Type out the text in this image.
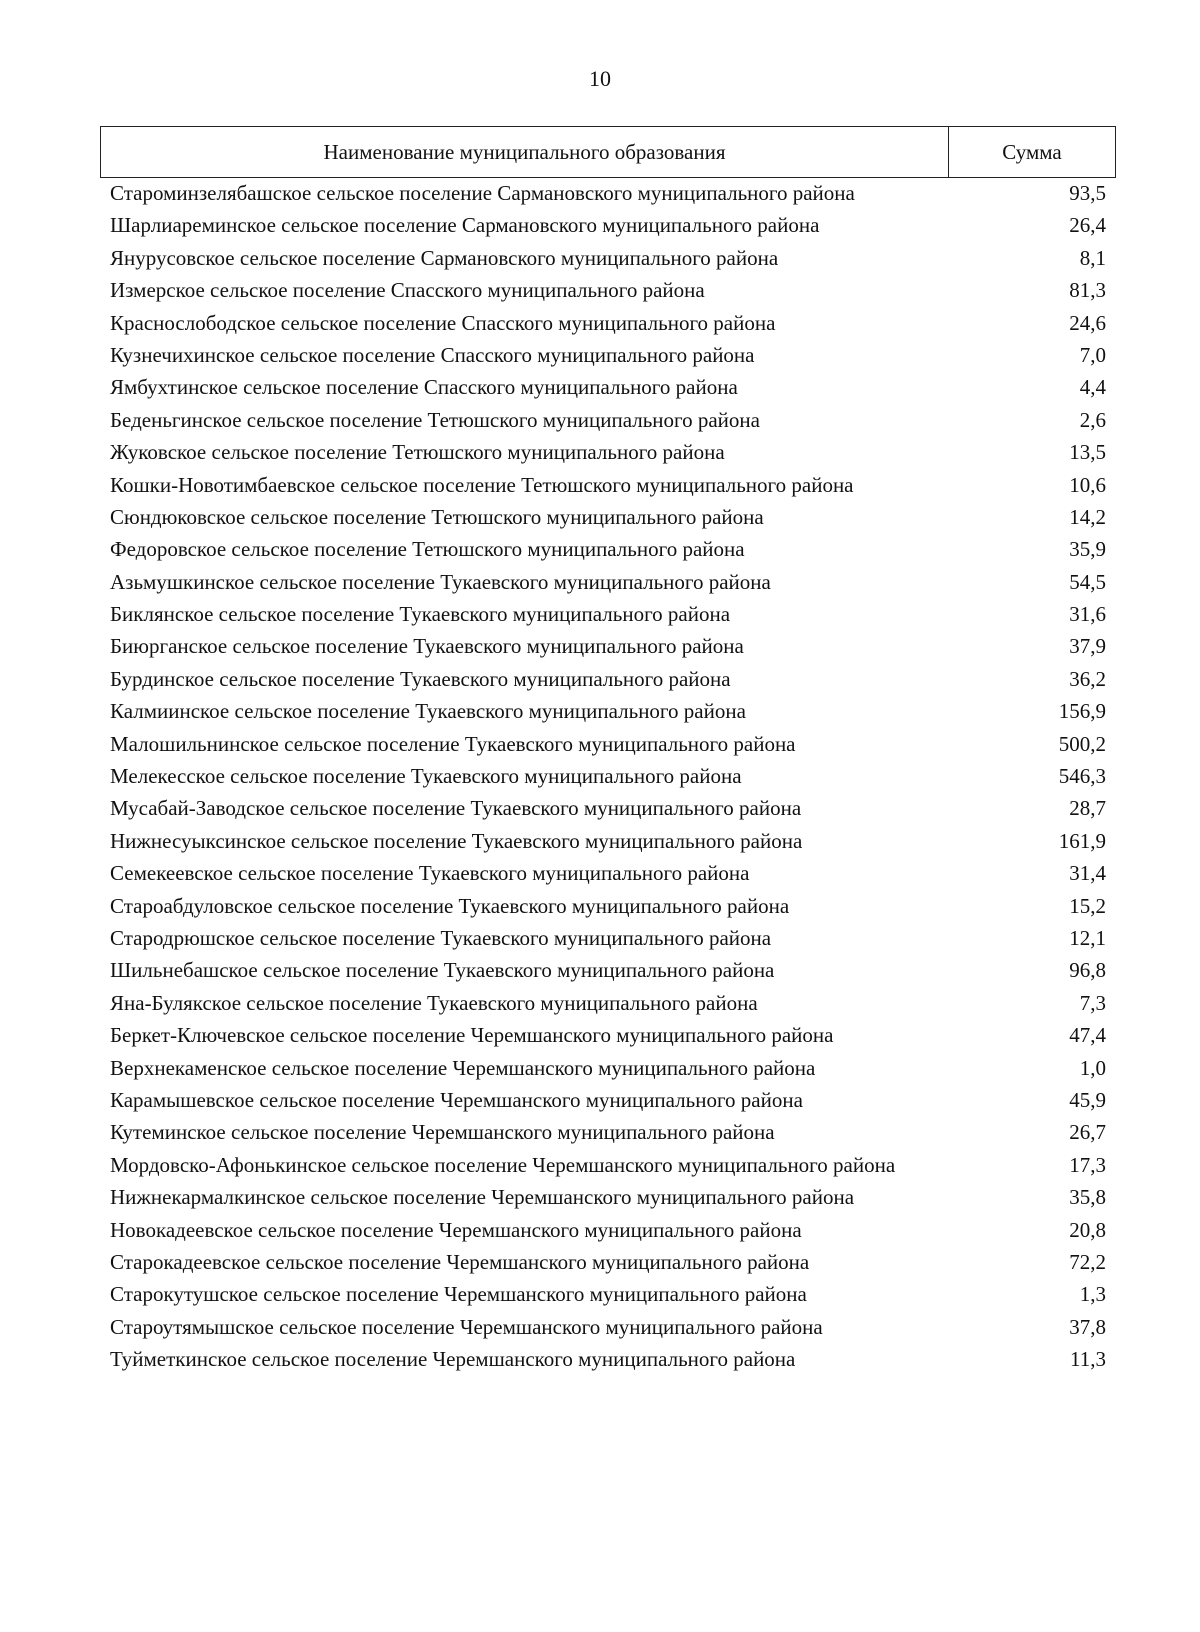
10
Наименование муниципального образования	Сумма
Староминзелябашское сельское поселение Сармановского муниципального района	93,5
Шарлиареминское сельское поселение Сармановского муниципального района	26,4
Янурусовское сельское поселение Сармановского муниципального района	8,1
Измерское сельское поселение Спасского муниципального района	81,3
Краснослободское сельское поселение Спасского муниципального района	24,6
Кузнечихинское сельское поселение Спасского муниципального района	7,0
Ямбухтинское сельское поселение Спасского муниципального района	4,4
Беденьгинское сельское поселение Тетюшского муниципального района	2,6
Жуковское сельское поселение Тетюшского муниципального района	13,5
Кошки-Новотимбаевское сельское поселение Тетюшского муниципального района	10,6
Сюндюковское сельское поселение Тетюшского муниципального района	14,2
Федоровское сельское поселение Тетюшского муниципального района	35,9
Азьмушкинское сельское поселение Тукаевского муниципального района	54,5
Биклянское сельское поселение Тукаевского муниципального района	31,6
Биюрганское сельское поселение Тукаевского муниципального района	37,9
Бурдинское сельское поселение Тукаевского муниципального района	36,2
Калмиинское сельское поселение Тукаевского муниципального района	156,9
Малошильнинское сельское поселение Тукаевского муниципального района	500,2
Мелекесское сельское поселение Тукаевского муниципального района	546,3
Мусабай-Заводское сельское поселение Тукаевского муниципального района	28,7
Нижнесуыксинское сельское поселение Тукаевского муниципального района	161,9
Семекеевское сельское поселение Тукаевского муниципального района	31,4
Староабдуловское сельское поселение Тукаевского муниципального района	15,2
Стародрюшское сельское поселение Тукаевского муниципального района	12,1
Шильнебашское сельское поселение Тукаевского муниципального района	96,8
Яна-Булякское сельское поселение Тукаевского муниципального района	7,3
Беркет-Ключевское сельское поселение Черемшанского муниципального района	47,4
Верхнекаменское сельское поселение Черемшанского муниципального района	1,0
Карамышевское сельское поселение Черемшанского муниципального района	45,9
Кутеминское сельское поселение Черемшанского муниципального района	26,7
Мордовско-Афонькинское сельское поселение Черемшанского муниципального района	17,3
Нижнекармалкинское сельское поселение Черемшанского муниципального района	35,8
Новокадеевское сельское поселение Черемшанского муниципального района	20,8
Старокадеевское сельское поселение Черемшанского муниципального района	72,2
Старокутушское сельское поселение Черемшанского муниципального района	1,3
Староутямышское сельское поселение Черемшанского муниципального района	37,8
Туйметкинское сельское поселение Черемшанского муниципального района	11,3
